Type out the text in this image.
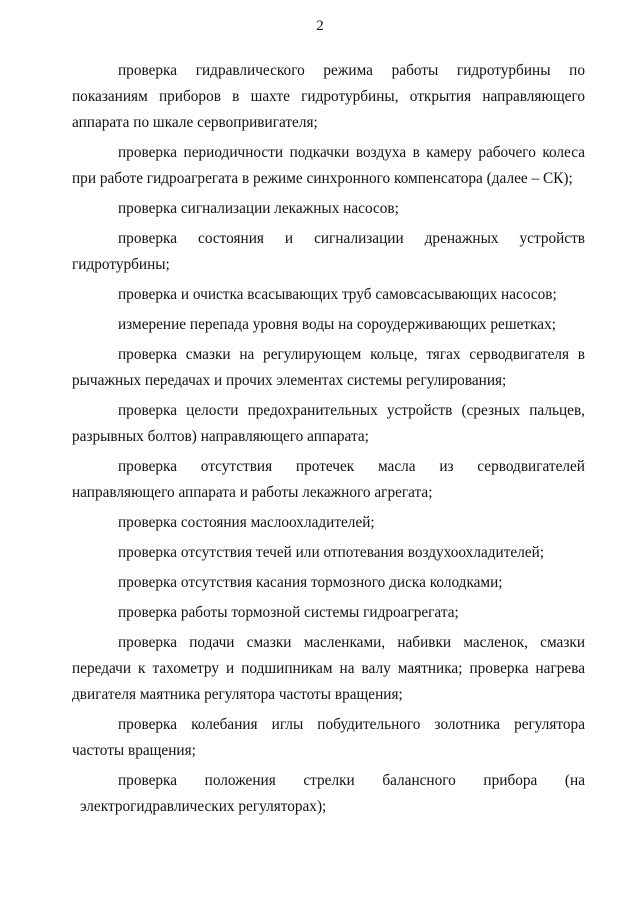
2

проверка гидравлического режима работы гидротурбины по показаниям приборов в шахте гидротурбины, открытия направляющего аппарата по шкале сервопривигателя;

проверка периодичности подкачки воздуха в камеру рабочего колеса при работе гидроагрегата в режиме синхронного компенсатора (далее – СК);

проверка сигнализации лекажных насосов;

проверка состояния и сигнализации дренажных устройств гидротурбины;

проверка и очистка всасывающих труб самовсасывающих насосов;

измерение перепада уровня воды на сороудерживающих решетках;

проверка смазки на регулирующем кольце, тягах серводвигателя в рычажных передачах и прочих элементах системы регулирования;

проверка целости предохранительных устройств (срезных пальцев, разрывных болтов) направляющего аппарата;

проверка отсутствия протечек масла из серводвигателей направляющего аппарата и работы лекажного агрегата;

проверка состояния маслоохладителей;

проверка отсутствия течей или отпотевания воздухоохладителей;

проверка отсутствия касания тормозного диска колодками;

проверка работы тормозной системы гидроагрегата;

проверка подачи смазки масленками, набивки масленок, смазки передачи к тахометру и подшипникам на валу маятника; проверка нагрева двигателя маятника регулятора частоты вращения;

проверка колебания иглы побудительного золотника регулятора частоты вращения;

проверка положения стрелки балансного прибора (на
электрогидравлических регуляторах);
